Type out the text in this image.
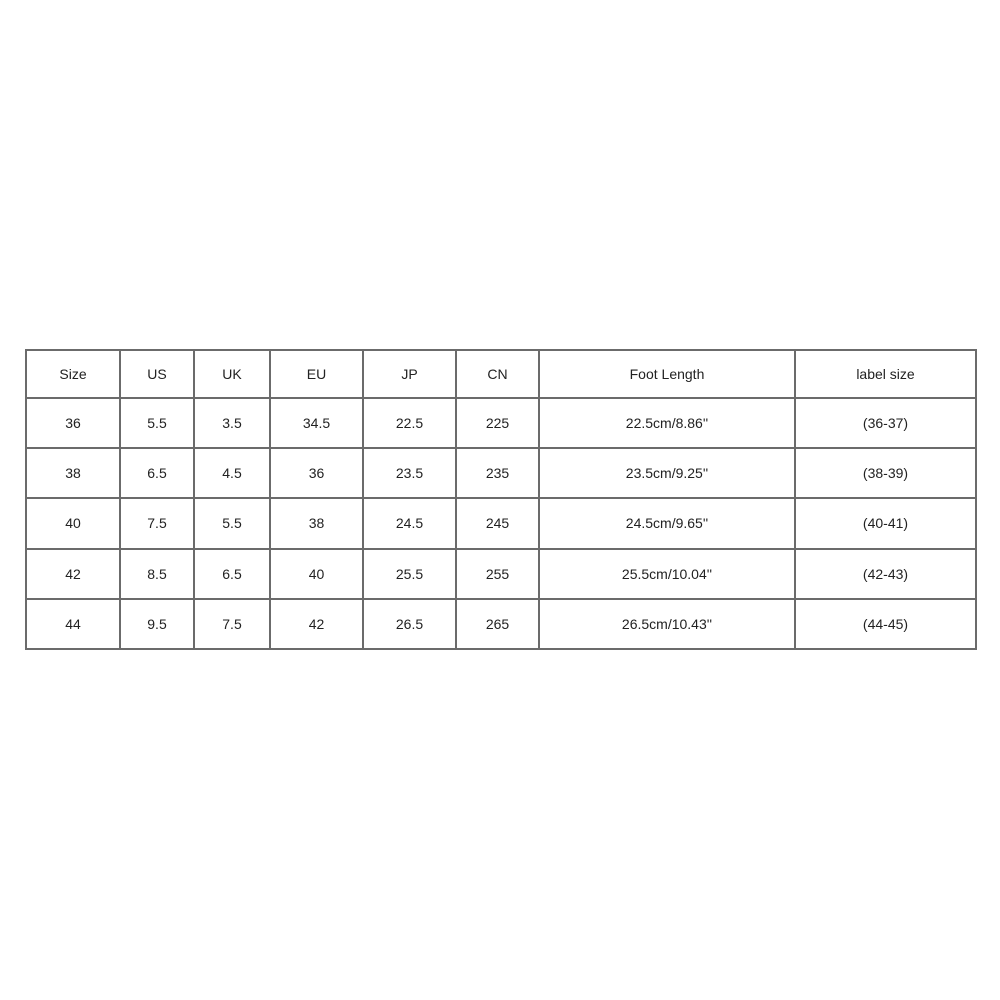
Size	US	UK	EU	JP	CN	Foot Length	label size
36	5.5	3.5	34.5	22.5	225	22.5cm/8.86''	(36-37)
38	6.5	4.5	36	23.5	235	23.5cm/9.25''	(38-39)
40	7.5	5.5	38	24.5	245	24.5cm/9.65''	(40-41)
42	8.5	6.5	40	25.5	255	25.5cm/10.04''	(42-43)
44	9.5	7.5	42	26.5	265	26.5cm/10.43''	(44-45)
